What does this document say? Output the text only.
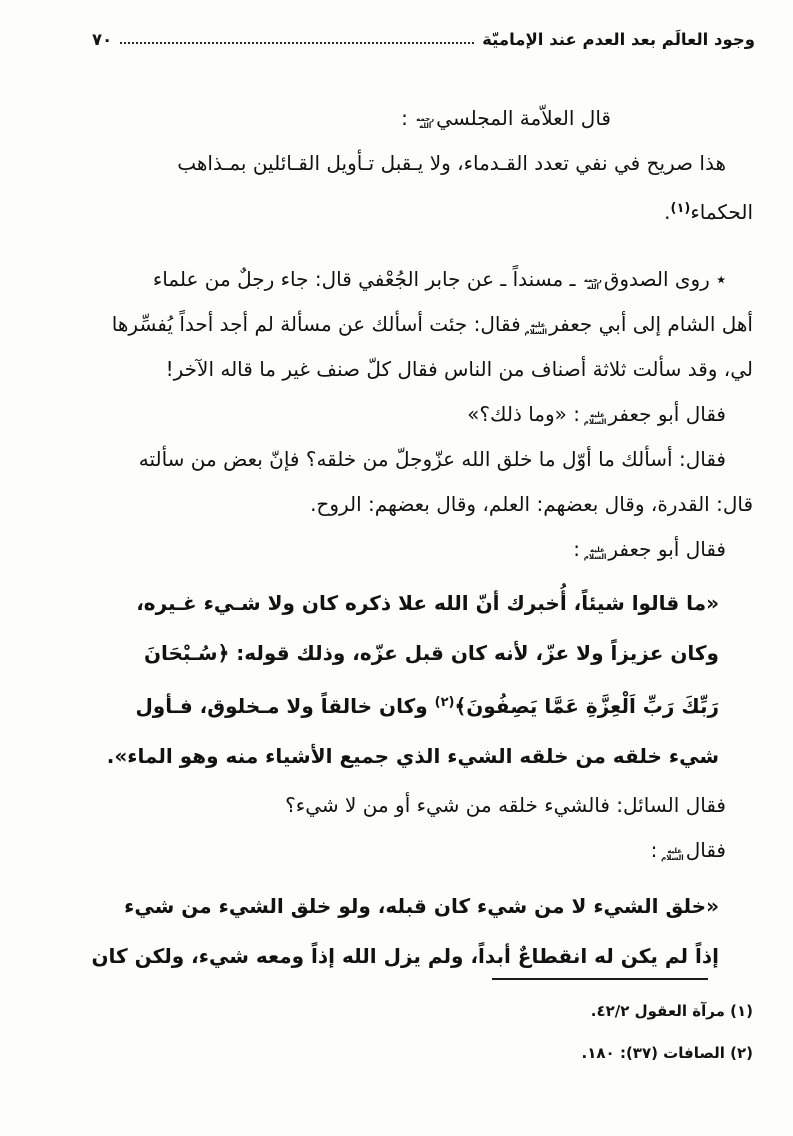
وجود العالَم بعد العدم عند الإماميّة
٧٠
قال العلاّمة المجلسيرحمه الله :
هذا صريح في نفي تعدد القـدماء، ولا يـقبل تـأويل القـائلين بمـذاهب
الحكماء$^{(١)}$.
٭ روى الصدوقرحمه الله ـ مسنداً ـ عن جابر الجُعْفي قال: جاء رجلٌ من علماء
أهل الشام إلى أبي جعفرعليه السلام فقال: جئت أسألك عن مسألة لم أجد أحداً يُفسِّرها
لي، وقد سألت ثلاثة أصناف من الناس فقال كلّ صنف غير ما قاله الآخر!
فقال أبو جعفرعليه السلام : «وما ذلك؟»
فقال: أسألك ما أوّل ما خلق الله عزّوجلّ من خلقه؟ فإنّ بعض من سألته
قال: القدرة، وقال بعضهم: العلم، وقال بعضهم: الروح.
فقال أبو جعفرعليه السلام :
«ما قالوا شيئاً، أُخبرك أنّ الله علا ذكره كان ولا شـيء غـيره،
وكان عزيزاً ولا عزّ، لأنه كان قبل عزّه، وذلك قوله: ﴿سُـبْحَانَ
رَبِّكَ رَبِّ اَلْعِزَّةِ عَمَّا يَصِفُونَ﴾$^{(٢)}$ وكان خالقاً ولا مـخلوق، فـأول
شيء خلقه من خلقه الشيء الذي جميع الأشياء منه وهو الماء».
فقال السائل: فالشيء خلقه من شيء أو من لا شيء؟
فقالعليه السلام :
«خلق الشيء لا من شيء كان قبله، ولو خلق الشيء من شيء
إذاً لم يكن له انقطاعٌ أبداً، ولم يزل الله إذاً ومعه شيء، ولكن كان
(١) مرآة العقول ٤٢/٢.
(٢) الصافات (٣٧): ١٨٠.
